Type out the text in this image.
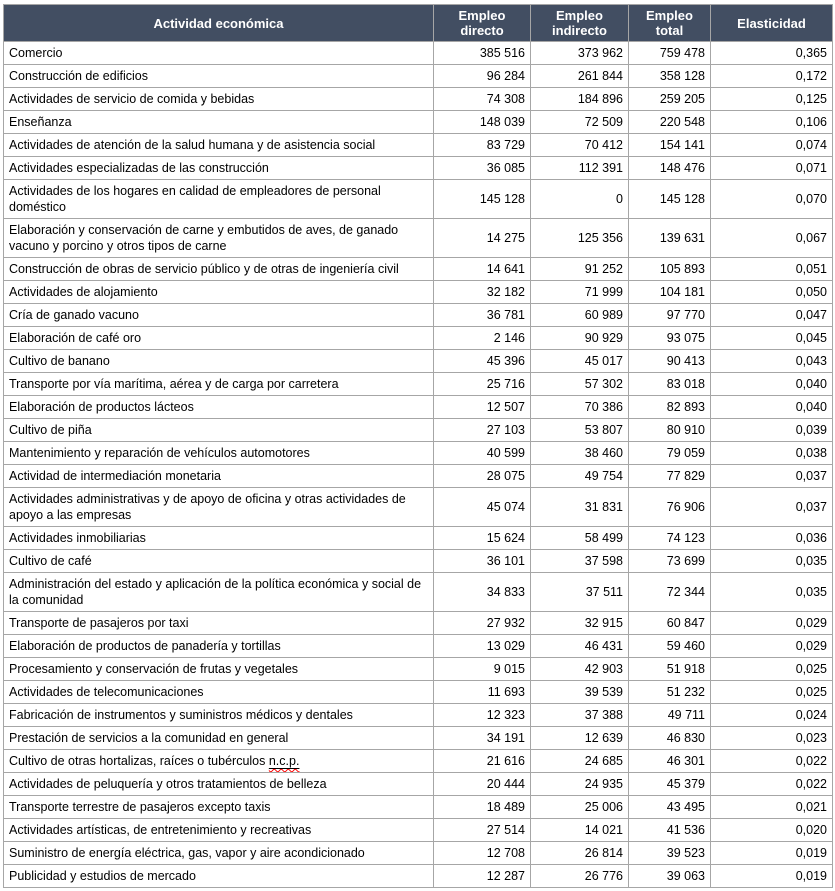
Actividad económica	Empleo directo	Empleo indirecto	Empleo total	Elasticidad
Comercio	385 516	373 962	759 478	0,365
Construcción de edificios	96 284	261 844	358 128	0,172
Actividades de servicio de comida y bebidas	74 308	184 896	259 205	0,125
Enseñanza	148 039	72 509	220 548	0,106
Actividades de atención de la salud humana y de asistencia social	83 729	70 412	154 141	0,074
Actividades especializadas de las construcción	36 085	112 391	148 476	0,071
Actividades de los hogares en calidad de empleadores de personal doméstico	145 128	0	145 128	0,070
Elaboración y conservación de carne y embutidos de aves, de ganado vacuno y porcino y otros tipos de carne	14 275	125 356	139 631	0,067
Construcción de obras de servicio público y de otras de ingeniería civil	14 641	91 252	105 893	0,051
Actividades de alojamiento	32 182	71 999	104 181	0,050
Cría de ganado vacuno	36 781	60 989	97 770	0,047
Elaboración de café oro	2 146	90 929	93 075	0,045
Cultivo de banano	45 396	45 017	90 413	0,043
Transporte por vía marítima, aérea y de carga por carretera	25 716	57 302	83 018	0,040
Elaboración de productos lácteos	12 507	70 386	82 893	0,040
Cultivo de piña	27 103	53 807	80 910	0,039
Mantenimiento y reparación de vehículos automotores	40 599	38 460	79 059	0,038
Actividad de intermediación monetaria	28 075	49 754	77 829	0,037
Actividades administrativas y de apoyo de oficina y otras actividades de apoyo a las empresas	45 074	31 831	76 906	0,037
Actividades inmobiliarias	15 624	58 499	74 123	0,036
Cultivo de café	36 101	37 598	73 699	0,035
Administración del estado y aplicación de la política económica y social de la comunidad	34 833	37 511	72 344	0,035
Transporte de pasajeros por taxi	27 932	32 915	60 847	0,029
Elaboración de productos de panadería y tortillas	13 029	46 431	59 460	0,029
Procesamiento y conservación de frutas y vegetales	9 015	42 903	51 918	0,025
Actividades de telecomunicaciones	11 693	39 539	51 232	0,025
Fabricación de instrumentos y suministros médicos y dentales	12 323	37 388	49 711	0,024
Prestación de servicios a la comunidad en general	34 191	12 639	46 830	0,023
Cultivo de otras hortalizas, raíces o tubérculos n.c.p.	21 616	24 685	46 301	0,022
Actividades de peluquería y otros tratamientos de belleza	20 444	24 935	45 379	0,022
Transporte terrestre de pasajeros excepto taxis	18 489	25 006	43 495	0,021
Actividades artísticas, de entretenimiento y recreativas	27 514	14 021	41 536	0,020
Suministro de energía eléctrica, gas, vapor y aire acondicionado	12 708	26 814	39 523	0,019
Publicidad y estudios de mercado	12 287	26 776	39 063	0,019
